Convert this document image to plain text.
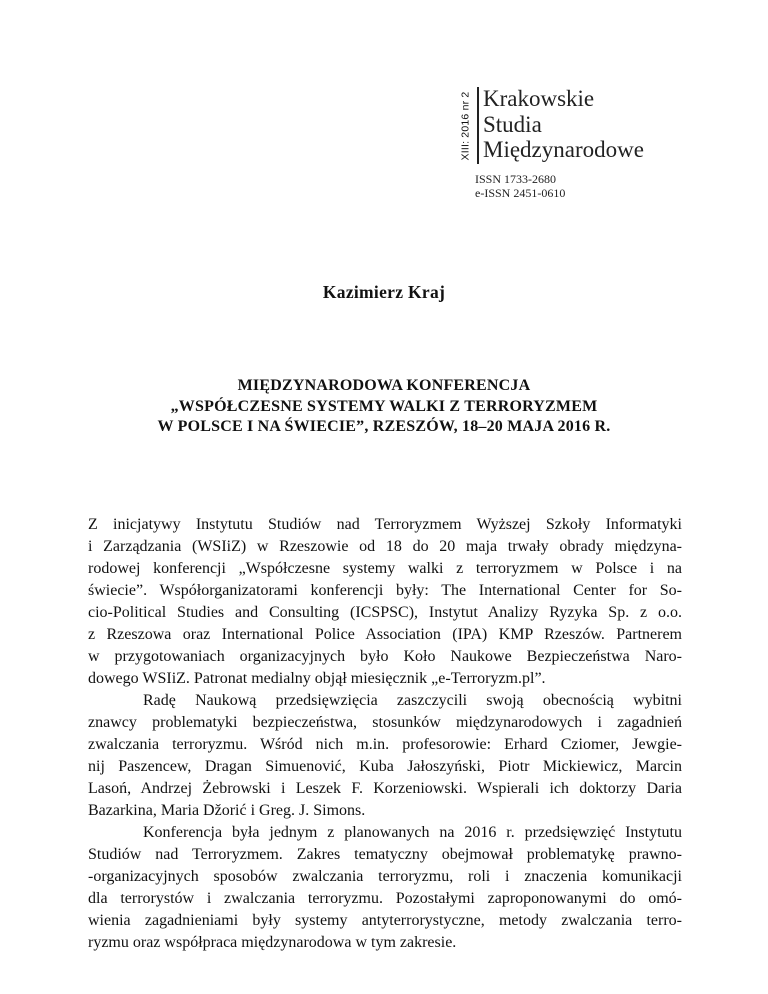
XIII: 2016 nr 2 Krakowskie
Studia
Międzynarodowe
ISSN 1733-2680
e-ISSN 2451-0610
Kazimierz Kraj
MIĘDZYNARODOWA KONFERENCJA
„WSPÓŁCZESNE SYSTEMY WALKI Z TERRORYZMEM
W POLSCE I NA ŚWIECIE”, RZESZÓW, 18–20 MAJA 2016 R.
Z inicjatywy Instytutu Studiów nad Terroryzmem Wyższej Szkoły Informatyki
i Zarządzania (WSIiZ) w Rzeszowie od 18 do 20 maja trwały obrady międzyna-
rodowej konferencji „Współczesne systemy walki z terroryzmem w Polsce i na
świecie”. Współorganizatorami konferencji były: The International Center for So-
cio-Political Studies and Consulting (ICSPSC), Instytut Analizy Ryzyka Sp. z o.o.
z Rzeszowa oraz International Police Association (IPA) KMP Rzeszów. Partnerem
w przygotowaniach organizacyjnych było Koło Naukowe Bezpieczeństwa Naro-
dowego WSIiZ. Patronat medialny objął miesięcznik „e-Terroryzm.pl”.
Radę Naukową przedsięwzięcia zaszczycili swoją obecnością wybitni
znawcy problematyki bezpieczeństwa, stosunków międzynarodowych i zagadnień
zwalczania terroryzmu. Wśród nich m.in. profesorowie: Erhard Cziomer, Jewgie-
nij Paszencew, Dragan Simuenović, Kuba Jałoszyński, Piotr Mickiewicz, Marcin
Lasoń, Andrzej Żebrowski i Leszek F. Korzeniowski. Wspierali ich doktorzy Daria
Bazarkina, Maria Džorić i Greg. J. Simons.
Konferencja była jednym z planowanych na 2016 r. przedsięwzięć Instytutu
Studiów nad Terroryzmem. Zakres tematyczny obejmował problematykę prawno-
-organizacyjnych sposobów zwalczania terroryzmu, roli i znaczenia komunikacji
dla terrorystów i zwalczania terroryzmu. Pozostałymi zaproponowanymi do omó-
wienia zagadnieniami były systemy antyterrorystyczne, metody zwalczania terro-
ryzmu oraz współpraca międzynarodowa w tym zakresie.
